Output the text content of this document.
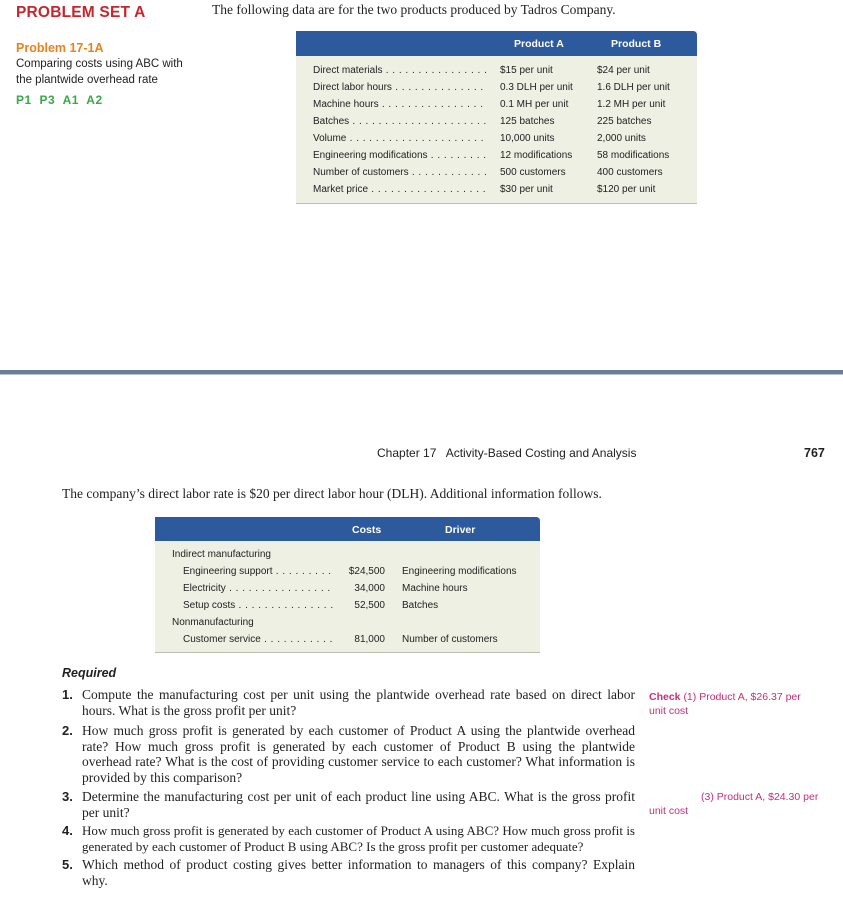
PROBLEM SET A	The following data are for the two products produced by Tadros Company.
Problem 17-1A
Comparing costs using ABC with
the plantwide overhead rate
P1 P3 A1 A2
Product A	Product B
Direct materials . . .	$15 per unit	$24 per unit
Direct labor hours . . .	0.3 DLH per unit 1.6 DLH per unit
Machine hours . . .	0.1 MH per unit	1.2 MH per unit
Batches . . .	125 batches	225 batches
Volume . . .	10,000 units	2,000 units
Engineering modifications . . .	12 modifications 58 modifications
Number of customers . . .	500 customers	400 customers
Market price . . .	$30 per unit	$120 per unit
Chapter 17   Activity-Based Costing and Analysis	767
The company’s direct labor rate is $20 per direct labor hour (DLH). Additional information follows.
Costs	Driver
Indirect manufacturing
Engineering support . . .	$24,500 Engineering modifications
Electricity . . .	34,000 Machine hours
Setup costs . . .	52,500 Batches
Nonmanufacturing
Customer service . . .	81,000 Number of customers
Required
1. Compute the manufacturing cost per unit using the plantwide overhead rate based on direct labor hours. What is the gross profit per unit?
2. How much gross profit is generated by each customer of Product A using the plantwide overhead rate? How much gross profit is generated by each customer of Product B using the plantwide overhead rate? What is the cost of providing customer service to each customer? What information is provided by this comparison?
3. Determine the manufacturing cost per unit of each product line using ABC. What is the gross profit per unit?
4. How much gross profit is generated by each customer of Product A using ABC? How much gross profit is generated by each customer of Product B using ABC? Is the gross profit per customer adequate?
5. Which method of product costing gives better information to managers of this company? Explain why.
Check (1) Product A, $26.37 per
unit cost
(3) Product A, $24.30 per
unit cost
